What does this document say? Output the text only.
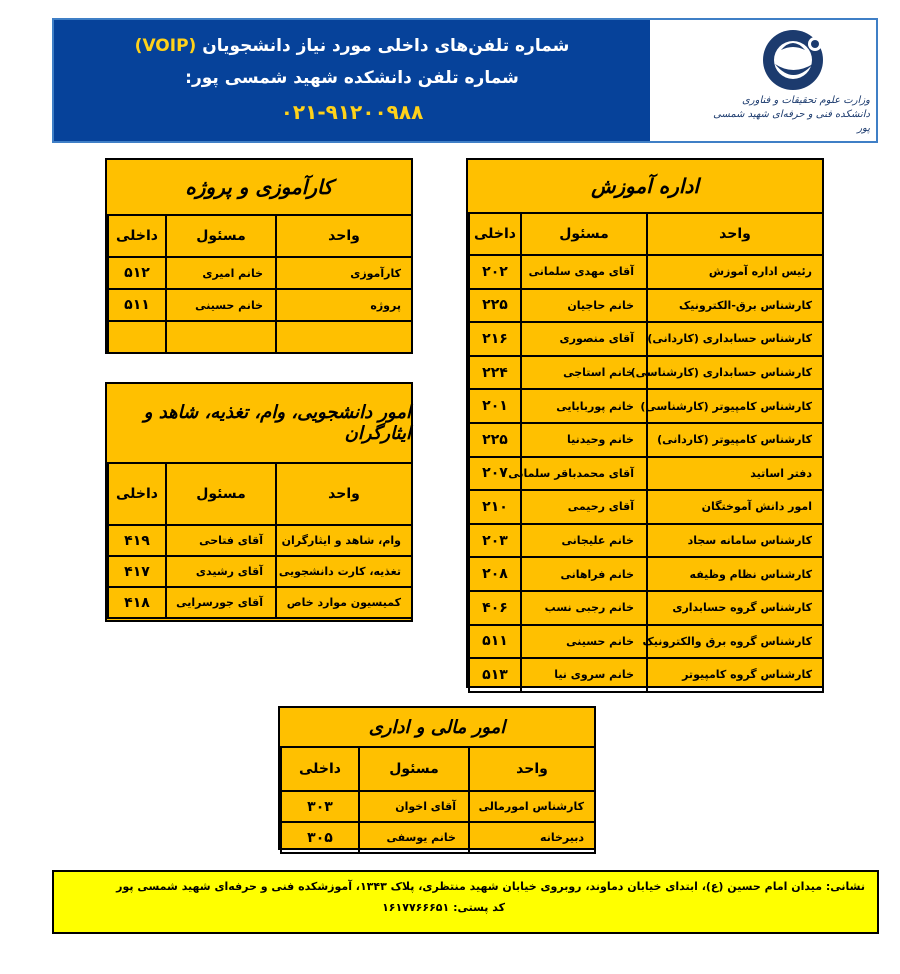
شماره تلفن‌های داخلی مورد نیاز دانشجویان (VOIP)
شماره تلفن دانشکده شهید شمسی پور:
۰۲۱-۹۱۲۰۰۹۸۸	وزارت علوم تحقیقات و فناوری
دانشکده فنی و حرفه‌ای شهید شمسی پور
اداره آموزش
واحد	مسئول	داخلی
رئیس اداره آموزش	آقای مهدی سلمانی	۲۰۲
کارشناس برق-الکترونیک	خانم حاجیان	۲۲۵
کارشناس حسابداری (کاردانی)	آقای منصوری	۲۱۶
کارشناس حسابداری (کارشناسی)	خانم استاجی	۲۲۴
کارشناس کامپیوتر (کارشناسی)	خانم پوربابایی	۲۰۱
کارشناس کامپیوتر (کاردانی)	خانم وحیدنیا	۲۲۵
دفتر اساتید	آقای محمدباقر سلمانی	۲۰۷
امور دانش آموختگان	آقای رحیمی	۲۱۰
کارشناس سامانه سجاد	خانم علیجانی	۲۰۳
کارشناس نظام وظیفه	خانم فراهانی	۲۰۸
کارشناس گروه حسابداری	خانم رجبی نسب	۴۰۶
کارشناس گروه برق والکترونیک	خانم حسینی	۵۱۱
کارشناس گروه کامپیوتر	خانم سروی نیا	۵۱۳
کارآموزی و پروژه
واحد	مسئول	داخلی
کارآموزی	خانم امیری	۵۱۲
پروژه	خانم حسینی	۵۱۱

امور دانشجویی، وام، تغذیه، شاهد و ایثارگران
واحد	مسئول	داخلی
وام، شاهد و ایثارگران	آقای فتاحی	۴۱۹
تغذیه، کارت دانشجویی	آقای رشیدی	۴۱۷
کمیسیون موارد خاص	آقای جورسرایی	۴۱۸
امور مالی و اداری
واحد	مسئول	داخلی
کارشناس امورمالی	آقای اخوان	۳۰۳
دبیرخانه	خانم یوسفی	۳۰۵
نشانی: میدان امام حسین (ع)، ابتدای خیابان دماوند، روبروی خیابان شهید منتظری، پلاک ۱۳۴۳، آموزشکده فنی و حرفه‌ای شهید شمسی پور
کد پستی: ۱۶۱۷۷۶۶۶۵۱
